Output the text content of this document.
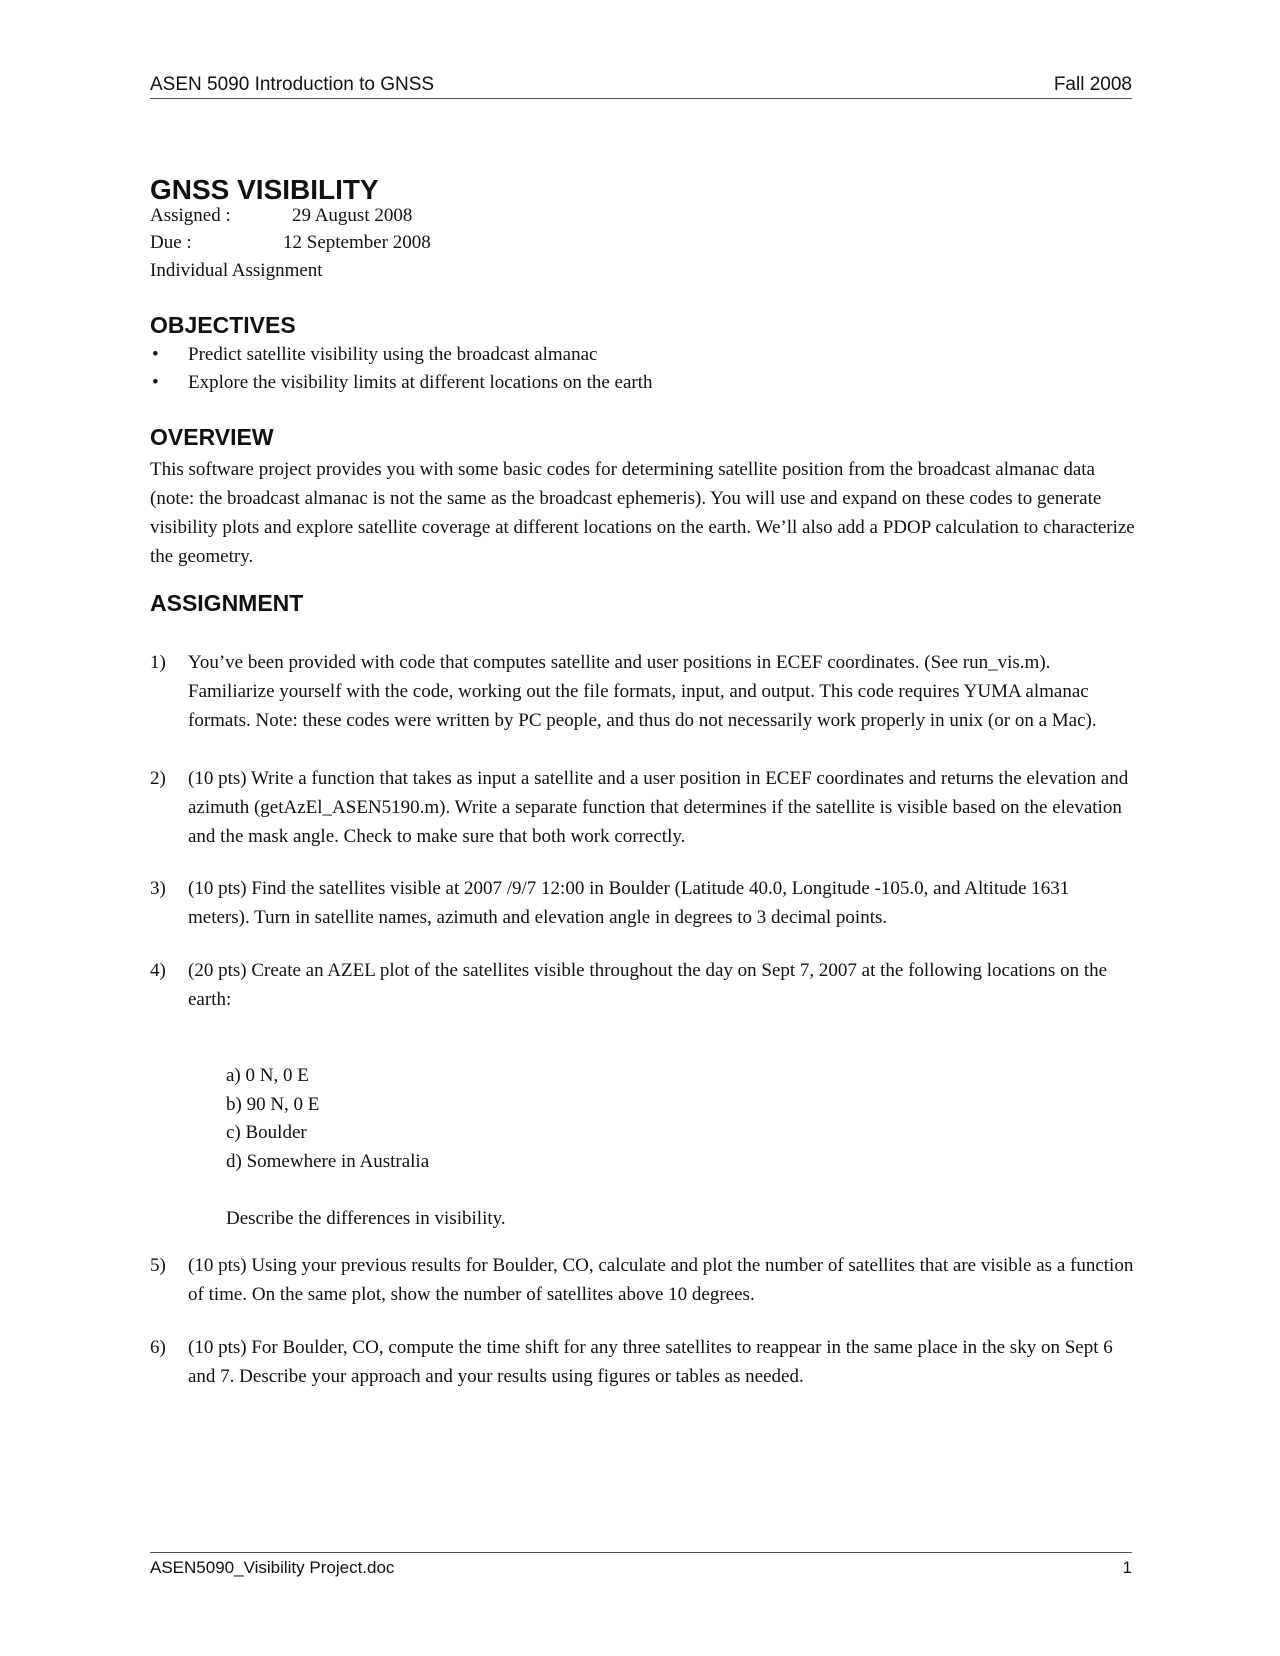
ASEN 5090 Introduction to GNSS	Fall 2008
GNSS VISIBILITY
Assigned :	29 August 2008
Due :	12 September 2008
Individual Assignment
OBJECTIVES
• Predict satellite visibility using the broadcast almanac
• Explore the visibility limits at different locations on the earth
OVERVIEW

This software project provides you with some basic codes for determining satellite position from the broadcast almanac data (note: the broadcast almanac is not the same as the broadcast ephemeris). You will use and expand on these codes to generate visibility plots and explore satellite coverage at different locations on the earth. We’ll also add a PDOP calculation to characterize the geometry.

ASSIGNMENT
1) You’ve been provided with code that computes satellite and user positions in ECEF coordinates. (See run_vis.m). Familiarize yourself with the code, working out the file formats, input, and output. This code requires YUMA almanac formats. Note: these codes were written by PC people, and thus do not necessarily work properly in unix (or on a Mac).
2) (10 pts) Write a function that takes as input a satellite and a user position in ECEF coordinates and returns the elevation and azimuth (getAzEl_ASEN5190.m). Write a separate function that determines if the satellite is visible based on the elevation and the mask angle. Check to make sure that both work correctly.
3) (10 pts) Find the satellites visible at 2007 /9/7 12:00 in Boulder (Latitude 40.0, Longitude -105.0, and Altitude 1631 meters). Turn in satellite names, azimuth and elevation angle in degrees to 3 decimal points.
4) (20 pts) Create an AZEL plot of the satellites visible throughout the day on Sept 7, 2007 at the following locations on the earth:
a) 0 N, 0 E
b) 90 N, 0 E
c) Boulder
d) Somewhere in Australia
Describe the differences in visibility.
5) (10 pts) Using your previous results for Boulder, CO, calculate and plot the number of satellites that are visible as a function of time. On the same plot, show the number of satellites above 10 degrees.
6) (10 pts) For Boulder, CO, compute the time shift for any three satellites to reappear in the same place in the sky on Sept 6 and 7. Describe your approach and your results using figures or tables as needed.
ASEN5090_Visibility Project.doc	1
